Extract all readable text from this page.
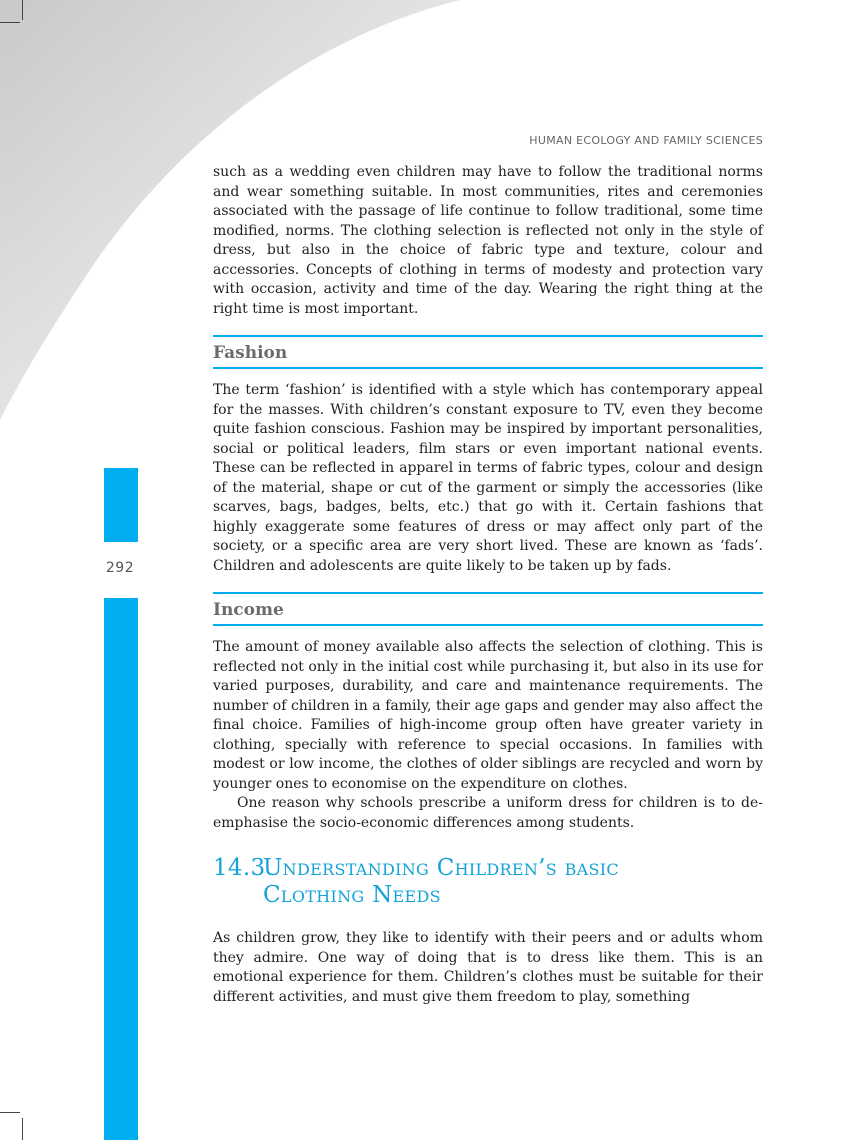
292
HUMAN ECOLOGY AND FAMILY SCIENCES

such as a wedding even children may have to follow the traditional norms and wear something suitable. In most communities, rites and ceremonies associated with the passage of life continue to follow traditional, some time modified, norms. The clothing selection is reflected not only in the style of dress, but also in the choice of fabric type and texture, colour and accessories. Concepts of clothing in terms of modesty and protection vary with occasion, activity and time of the day. Wearing the right thing at the right time is most important.

Fashion

The term ‘fashion’ is identified with a style which has contemporary appeal for the masses. With children’s constant exposure to TV, even they become quite fashion conscious. Fashion may be inspired by important personalities, social or political leaders, film stars or even important national events. These can be reflected in apparel in terms of fabric types, colour and design of the material, shape or cut of the garment or simply the accessories (like scarves, bags, badges, belts, etc.) that go with it. Certain fashions that highly exaggerate some features of dress or may affect only part of the society, or a specific area are very short lived. These are known as ‘fads’. Children and adolescents are quite likely to be taken up by fads.

Income

The amount of money available also affects the selection of clothing. This is reflected not only in the initial cost while purchasing it, but also in its use for varied purposes, durability, and care and maintenance requirements. The number of children in a family, their age gaps and gender may also affect the final choice. Families of high-income group often have greater variety in clothing, specially with reference to special occasions. In families with modest or low income, the clothes of older siblings are recycled and worn by younger ones to economise on the expenditure on clothes.

One reason why schools prescribe a uniform dress for children is to de-emphasise the socio-economic differences among students.

14.3Understanding Children’s basic
Clothing Needs

As children grow, they like to identify with their peers and or adults whom they admire. One way of doing that is to dress like them. This is an emotional experience for them. Children’s clothes must be suitable for their different activities, and must give them freedom to play, something
